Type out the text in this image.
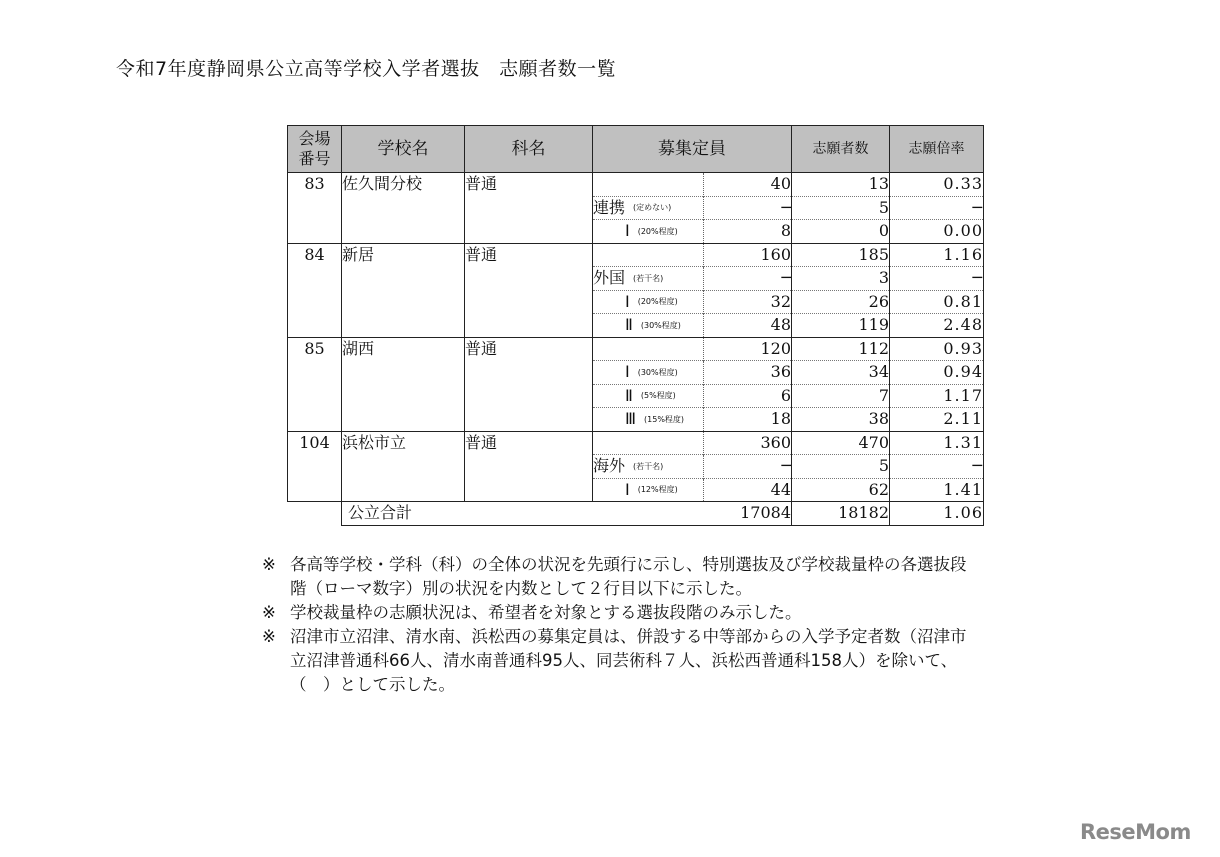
令和7年度静岡県公立高等学校入学者選抜　志願者数一覧
会場
番号	学校名	科名	募集定員		志願者数	志願倍率
83	佐久間分校	普通		40	13	0.33
			連携 (定めない)	─	5	─
			Ⅰ (20%程度)	8	0	0.00
84	新居	普通		160	185	1.16
			外国 (若干名)	─	3	─
			Ⅰ (20%程度)	32	26	0.81
			Ⅱ (30%程度)	48	119	2.48
85	湖西	普通		120	112	0.93
			Ⅰ (30%程度)	36	34	0.94
			Ⅱ (5%程度)	6	7	1.17
			Ⅲ (15%程度)	18	38	2.11
104	浜松市立	普通		360	470	1.31
			海外 (若干名)	─	5	─
			Ⅰ (12%程度)	44	62	1.41
	公立合計			17084	18182	1.06
※ 各高等学校・学科（科）の全体の状況を先頭行に示し、特別選抜及び学校裁量枠の各選抜段階（ローマ数字）別の状況を内数として２行目以下に示した。
※ 学校裁量枠の志願状況は、希望者を対象とする選抜段階のみ示した。
※ 沼津市立沼津、清水南、浜松西の募集定員は、併設する中等部からの入学予定者数（沼津市立沼津普通科66人、清水南普通科95人、同芸術科７人、浜松西普通科158人）を除いて、（　）として示した。
ReseMom
